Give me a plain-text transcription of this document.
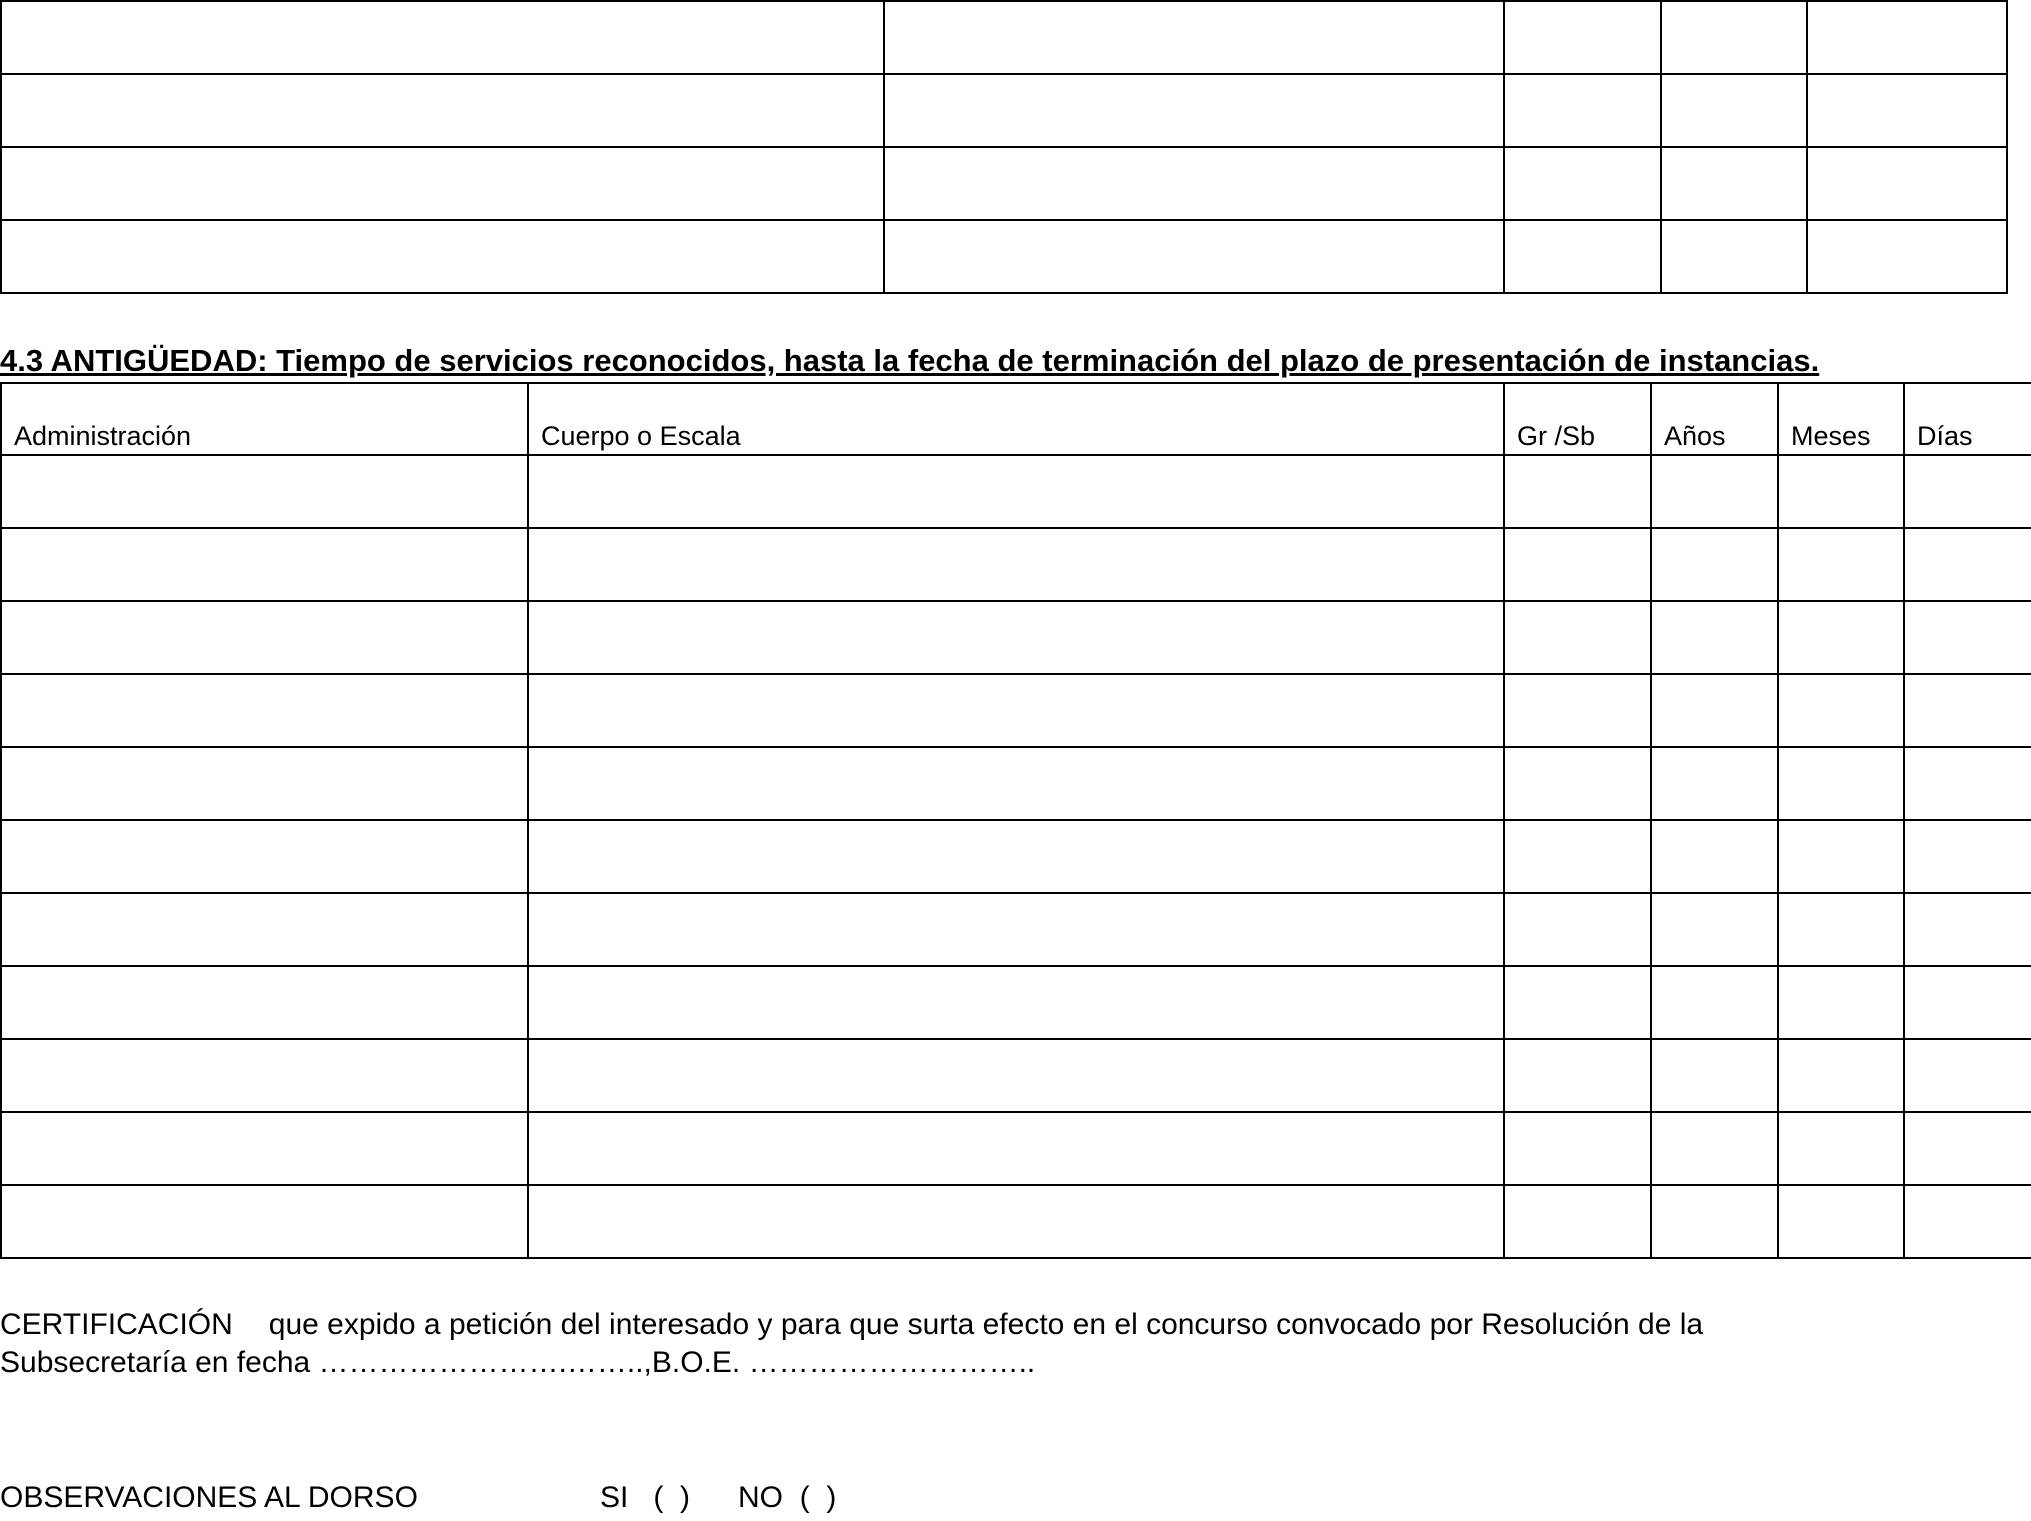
4.3 ANTIGÜEDAD: Tiempo de servicios reconocidos, hasta la fecha de terminación del plazo de presentación de instancias.
Administración	Cuerpo o Escala	Gr /Sb	Años	Meses	Días

CERTIFICACIÓN que expido a petición del interesado y para que surta efecto en el concurso convocado por Resolución de la
Subsecretaría en fecha …………………….……..,B.O.E. ………………………..
OBSERVACIONES AL DORSO	SI   (  ) NO  (  )
